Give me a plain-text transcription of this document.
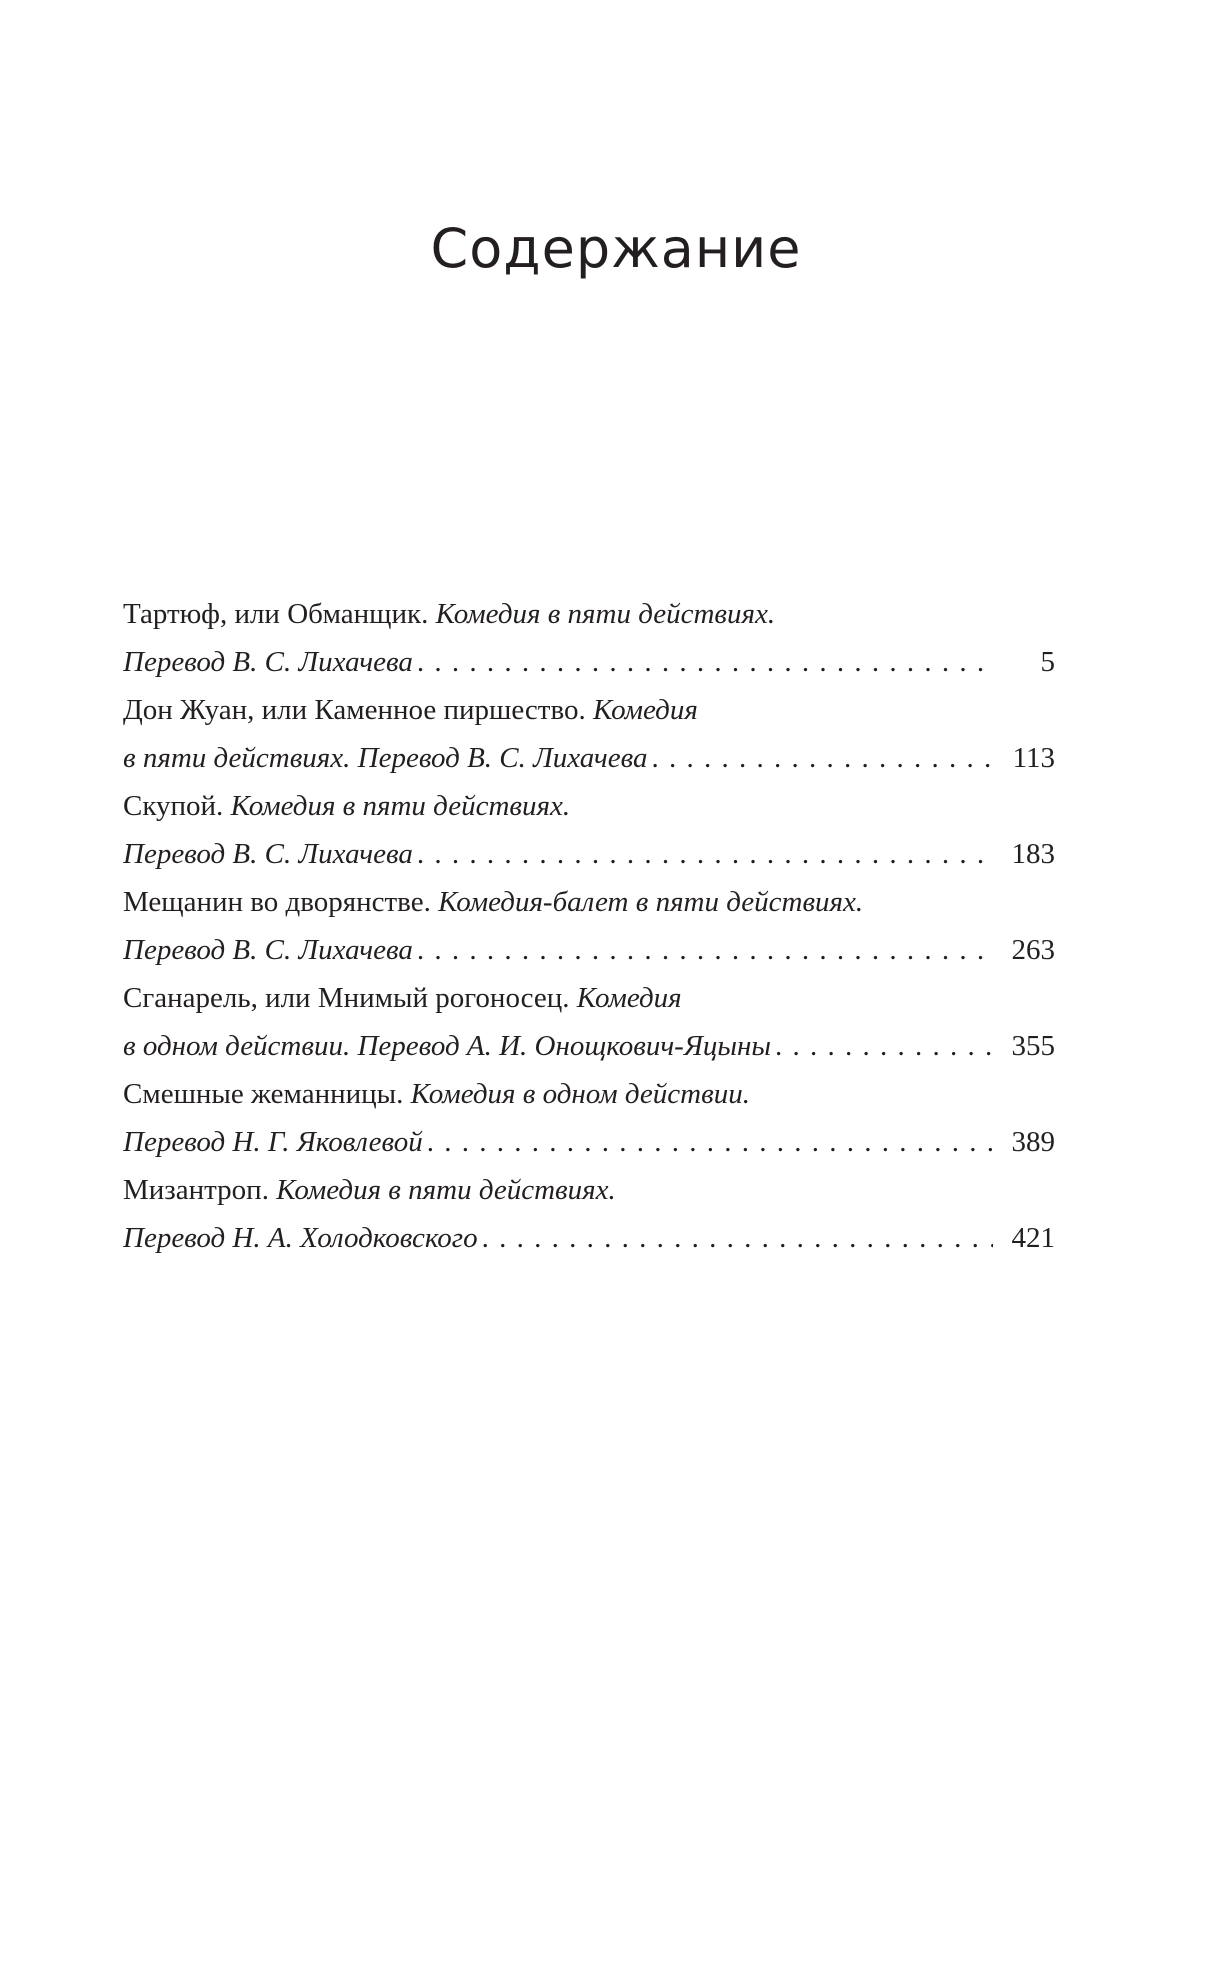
Содержание
Тартюф, или Обманщик. Комедия в пяти действиях.
Перевод В. С. Лихачева . . .	5
Дон Жуан, или Каменное пиршество. Комедия
в пяти действиях. Перевод В. С. Лихачева . . .	113
Скупой. Комедия в пяти действиях.
Перевод В. С. Лихачева . . .	183
Мещанин во дворянстве. Комедия-балет в пяти действиях.
Перевод В. С. Лихачева . . .	263
Сганарель, или Мнимый рогоносец. Комедия
в одном действии. Перевод А. И. Онощкович-Яцыны . . .	355
Смешные жеманницы. Комедия в одном действии.
Перевод Н. Г. Яковлевой . . .	389
Мизантроп. Комедия в пяти действиях.
Перевод Н. А. Холодковского . . .	421
